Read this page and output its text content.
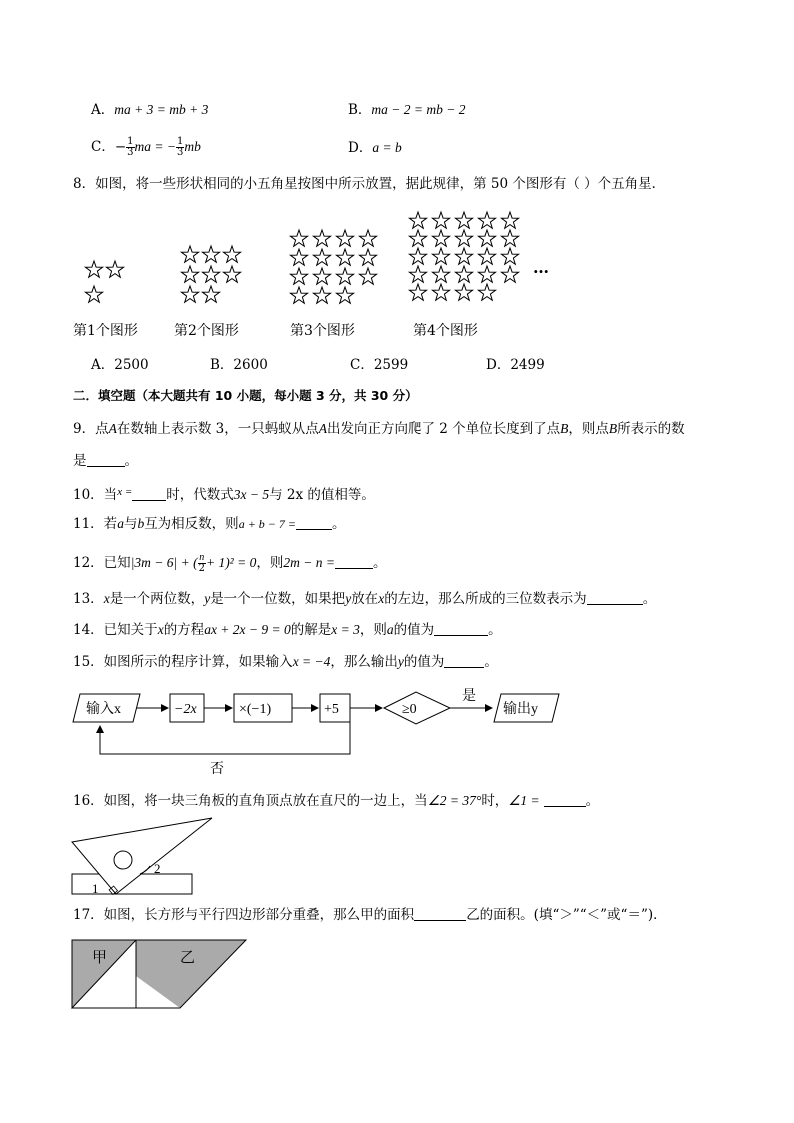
A．ma + 3 = mb + 3	B．ma − 2 = mb − 2
C．− $\frac{1}{3}$ ma = − $\frac{1}{3}$ mb	D．a = b
8．如图，将一些形状相同的小五角星按图中所示放置，据此规律，第 50 个图形有（ ）个五角星．
…
第1个图形	第2个图形	第3个图形	第4个图形
A．2500	B．2600	C．2599	D．2499
二．填空题（本大题共有 10 小题，每小题 3 分，共 30 分）
9．点A在数轴上表示数 3，一只蚂蚁从点A出发向正方向爬了 2 个单位长度到了点B，则点B所表示的数
是	。
10．当$^{x =}$	时，代数式3x − 5与 2x 的值相等。
11．若a与b互为相反数，则a + b − 7 =	。
12．已知|3m − 6| + ( $\frac{n}{2} + 1)^2 = 0$，则2m − n =	。
13．x是一个两位数，y是一个一位数，如果把y放在x的左边，那么所成的三位数表示为	。
14．已知关于x的方程ax + 2x − 9 = 0的解是x = 3，则a的值为	。
15．如图所示的程序计算，如果输入x = −4，那么输出y的值为	。
输入x	−2x	×(−1)	+5	≥0
是
输出y
否
16．如图，将一块三角板的直角顶点放在直尺的一边上，当∠2 = 37°时，∠1 =	。
1
2
17．如图，长方形与平行四边形部分重叠，那么甲的面积	乙的面积。(填“＞”“＜”或“＝”)．
甲	乙
